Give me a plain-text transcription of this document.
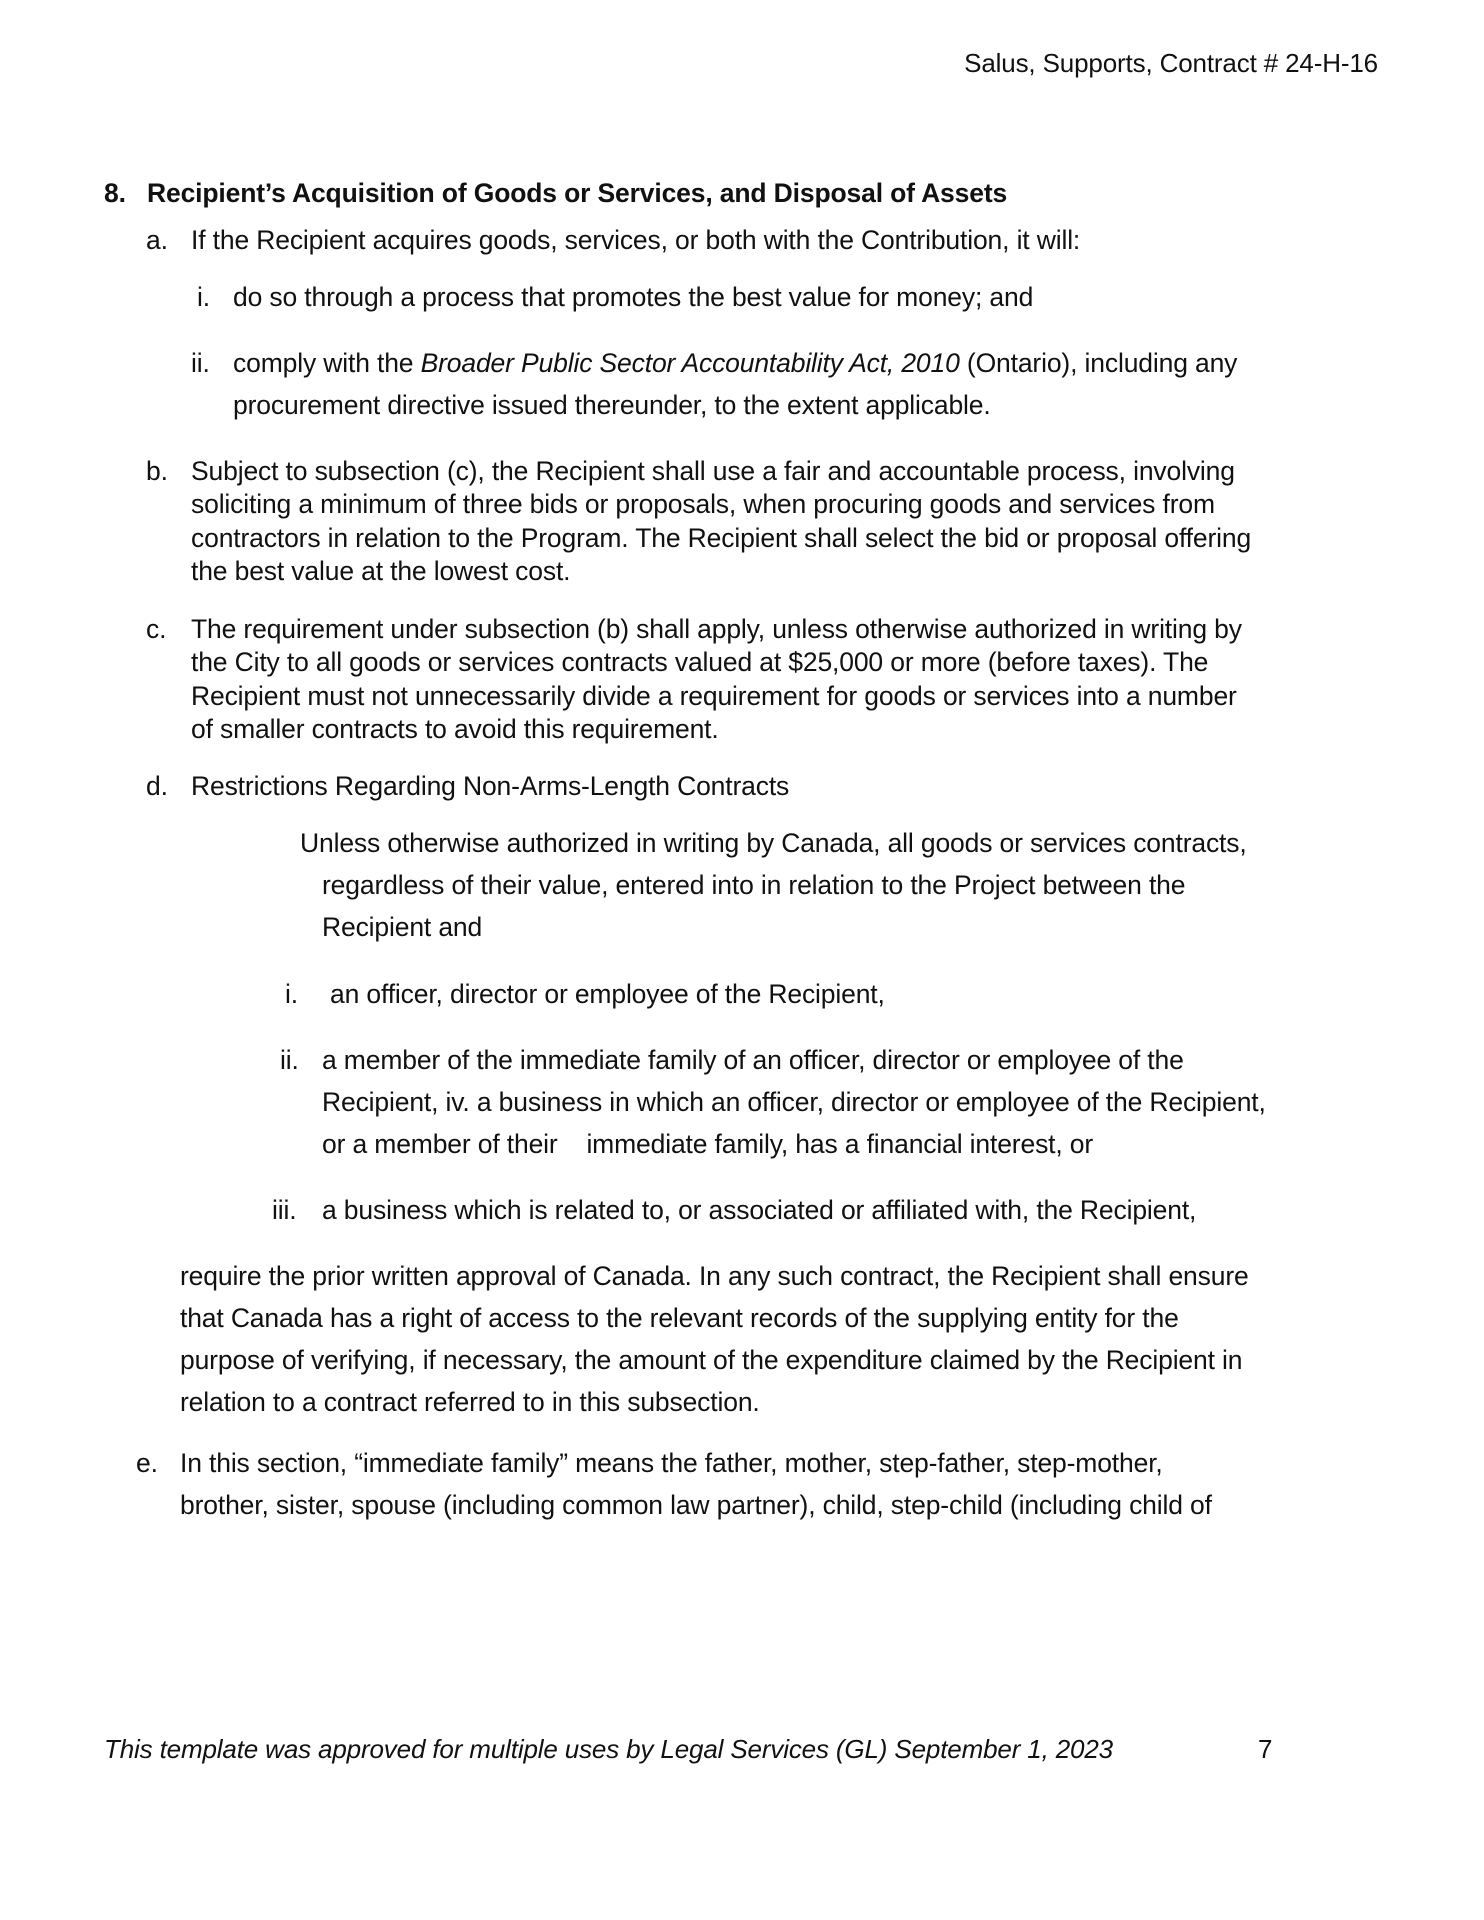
Salus, Supports, Contract # 24-H-16
8. Recipient’s Acquisition of Goods or Services, and Disposal of Assets
a. If the Recipient acquires goods, services, or both with the Contribution, it will:
i. do so through a process that promotes the best value for money; and
ii. comply with the Broader Public Sector Accountability Act, 2010 (Ontario), including any
procurement directive issued thereunder, to the extent applicable.
b. Subject to subsection (c), the Recipient shall use a fair and accountable process, involving
soliciting a minimum of three bids or proposals, when procuring goods and services from
contractors in relation to the Program. The Recipient shall select the bid or proposal offering
the best value at the lowest cost.
c. The requirement under subsection (b) shall apply, unless otherwise authorized in writing by
the City to all goods or services contracts valued at $25,000 or more (before taxes). The
Recipient must not unnecessarily divide a requirement for goods or services into a number
of smaller contracts to avoid this requirement.
d. Restrictions Regarding Non-Arms-Length Contracts
Unless otherwise authorized in writing by Canada, all goods or services contracts,
regardless of their value, entered into in relation to the Project between the
Recipient and
i. an officer, director or employee of the Recipient,
ii. a member of the immediate family of an officer, director or employee of the
Recipient, iv. a business in which an officer, director or employee of the Recipient,
or a member of their    immediate family, has a financial interest, or
iii. a business which is related to, or associated or affiliated with, the Recipient,
require the prior written approval of Canada. In any such contract, the Recipient shall ensure
that Canada has a right of access to the relevant records of the supplying entity for the
purpose of verifying, if necessary, the amount of the expenditure claimed by the Recipient in
relation to a contract referred to in this subsection.
e. In this section, “immediate family” means the father, mother, step-father, step-mother,
brother, sister, spouse (including common law partner), child, step-child (including child of
This template was approved for multiple uses by Legal Services (GL) September 1, 2023	7
